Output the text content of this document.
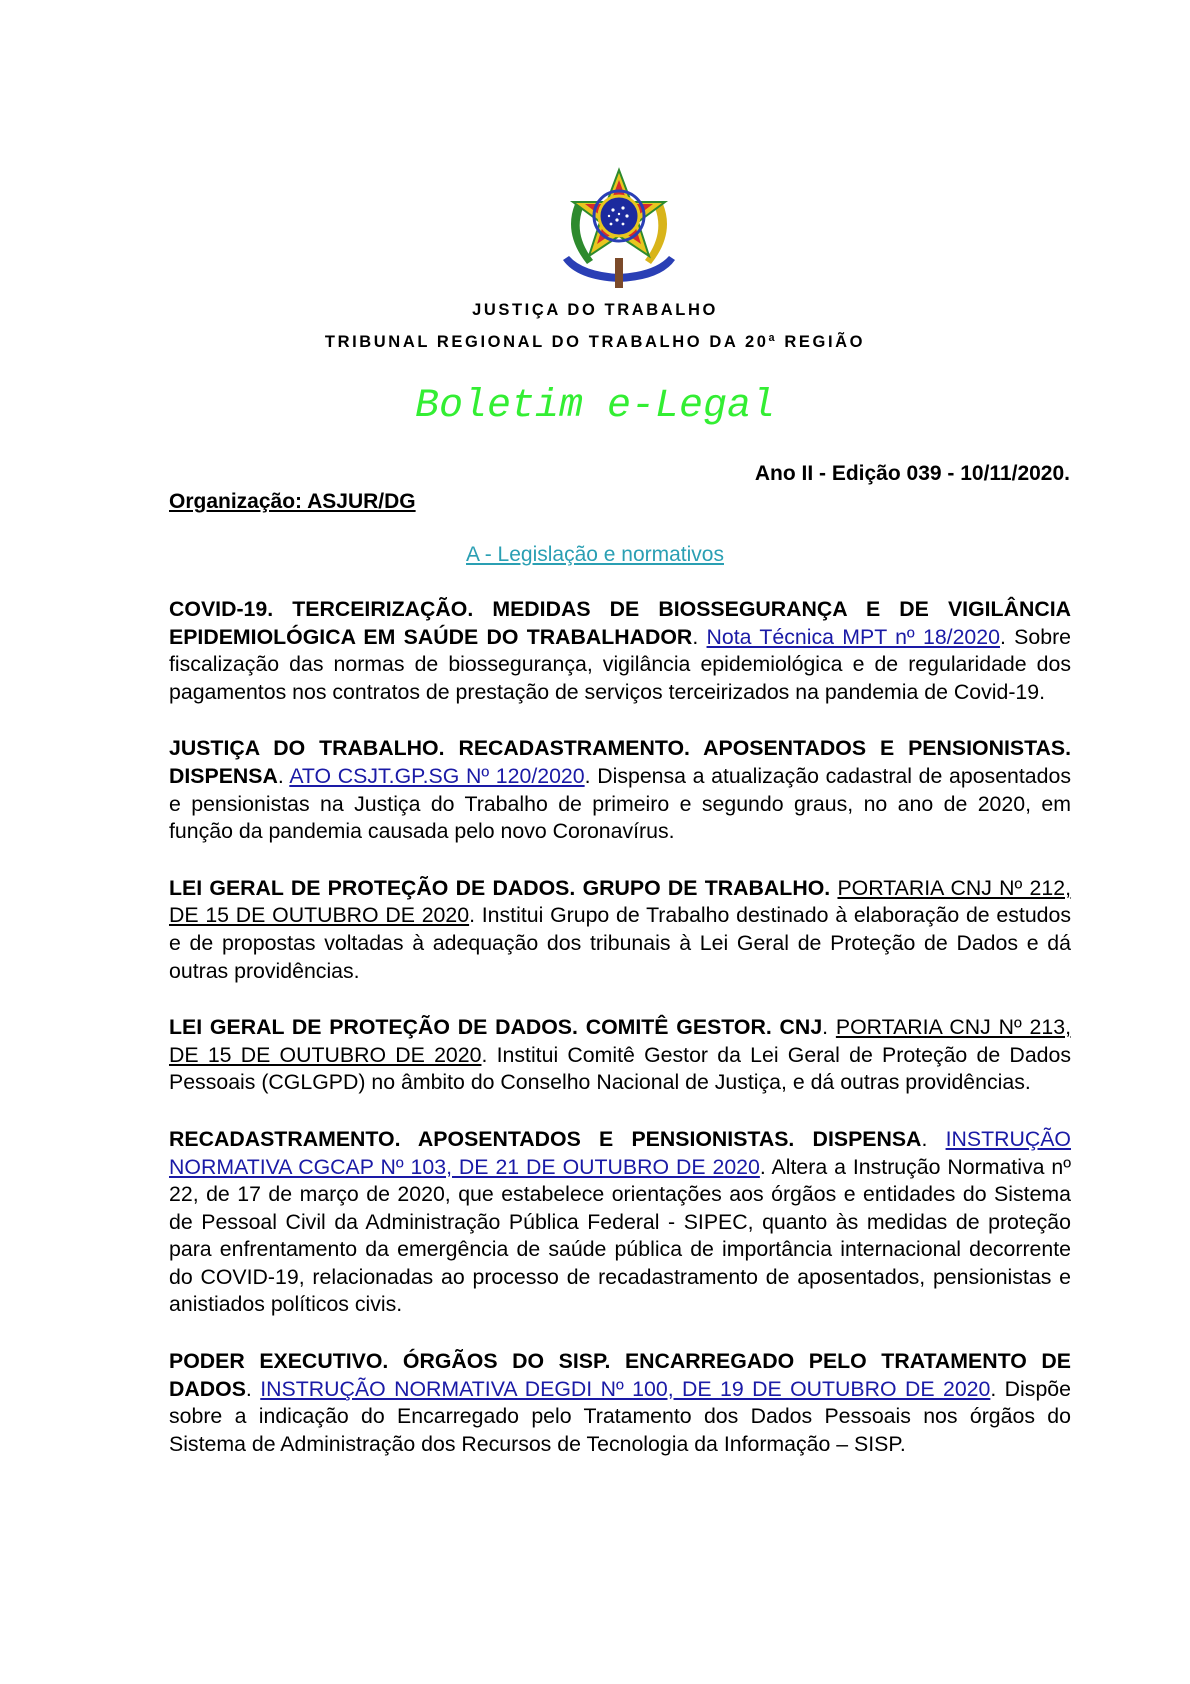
JUSTIÇA DO TRABALHO
TRIBUNAL REGIONAL DO TRABALHO DA 20ª REGIÃO
Boletim e-Legal
Ano II - Edição 039 - 10/11/2020.
Organização: ASJUR/DG
A - Legislação e normativos

COVID-19. TERCEIRIZAÇÃO. MEDIDAS DE BIOSSEGURANÇA E DE VIGILÂNCIA EPIDEMIOLÓGICA EM SAÚDE DO TRABALHADOR. Nota Técnica MPT nº 18/2020. Sobre fiscalização das normas de biossegurança, vigilância epidemiológica e de regularidade dos pagamentos nos contratos de prestação de serviços terceirizados na pandemia de Covid-19.

JUSTIÇA DO TRABALHO. RECADASTRAMENTO. APOSENTADOS E PENSIONISTAS. DISPENSA. ATO CSJT.GP.SG Nº 120/2020. Dispensa a atualização cadastral de aposentados e pensionistas na Justiça do Trabalho de primeiro e segundo graus, no ano de 2020, em função da pandemia causada pelo novo Coronavírus.

LEI GERAL DE PROTEÇÃO DE DADOS. GRUPO DE TRABALHO. PORTARIA CNJ Nº 212, DE 15 DE OUTUBRO DE 2020. Institui Grupo de Trabalho destinado à elaboração de estudos e de propostas voltadas à adequação dos tribunais à Lei Geral de Proteção de Dados e dá outras providências.

LEI GERAL DE PROTEÇÃO DE DADOS. COMITÊ GESTOR. CNJ. PORTARIA CNJ Nº 213, DE 15 DE OUTUBRO DE 2020. Institui Comitê Gestor da Lei Geral de Proteção de Dados Pessoais (CGLGPD) no âmbito do Conselho Nacional de Justiça, e dá outras providências.

RECADASTRAMENTO. APOSENTADOS E PENSIONISTAS. DISPENSA. INSTRUÇÃO NORMATIVA CGCAP Nº 103, DE 21 DE OUTUBRO DE 2020. Altera a Instrução Normativa nº 22, de 17 de março de 2020, que estabelece orientações aos órgãos e entidades do Sistema de Pessoal Civil da Administração Pública Federal - SIPEC, quanto às medidas de proteção para enfrentamento da emergência de saúde pública de importância internacional decorrente do COVID-19, relacionadas ao processo de recadastramento de aposentados, pensionistas e anistiados políticos civis.

PODER EXECUTIVO. ÓRGÃOS DO SISP. ENCARREGADO PELO TRATAMENTO DE DADOS. INSTRUÇÃO NORMATIVA DEGDI Nº 100, DE 19 DE OUTUBRO DE 2020. Dispõe sobre a indicação do Encarregado pelo Tratamento dos Dados Pessoais nos órgãos do Sistema de Administração dos Recursos de Tecnologia da Informação – SISP.
